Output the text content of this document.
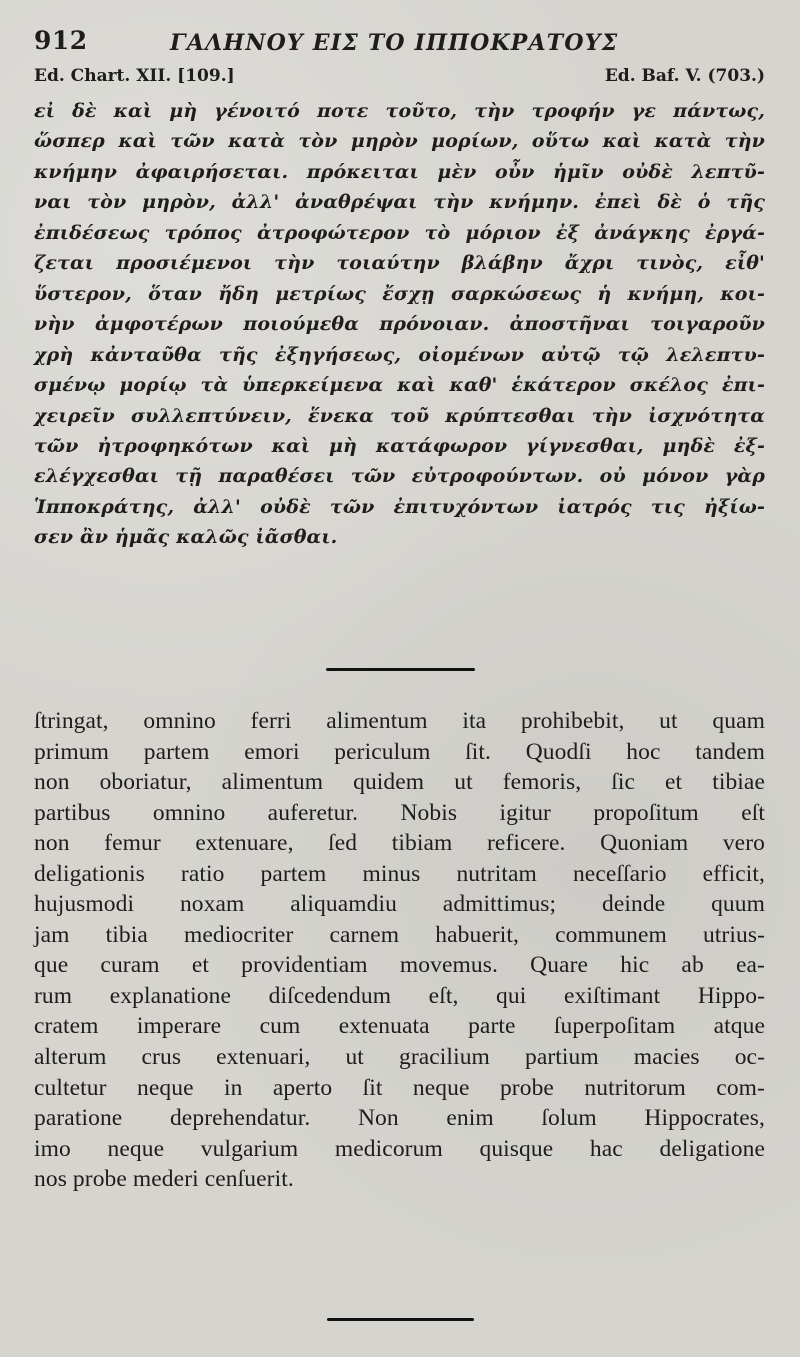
912	ΓΑΛΗΝΟΥ ΕΙΣ ΤΟ ΙΠΠΟΚΡΑΤΟΥΣ
Ed. Chart. XII. [109.]	Ed. Baf. V. (703.)
εἰ δὲ καὶ μὴ γένοιτό ποτε τοῦτο, τὴν τροφήν γε πάντως,
ὥσπερ καὶ τῶν κατὰ τὸν μηρὸν μορίων, οὕτω καὶ κατὰ τὴν
κνήμην ἀφαιρήσεται. πρόκειται μὲν οὖν ἡμῖν οὐδὲ λεπτῦ-
ναι τὸν μηρὸν, ἀλλ' ἀναθρέψαι τὴν κνήμην. ἐπεὶ δὲ ὁ τῆς
ἐπιδέσεως τρόπος ἀτροφώτερον τὸ μόριον ἐξ ἀνάγκης ἐργά-
ζεται προσιέμενοι τὴν τοιαύτην βλάβην ἄχρι τινὸς, εἶθ'
ὕστερον, ὅταν ἤδη μετρίως ἔσχῃ σαρκώσεως ἡ κνήμη, κοι-
νὴν ἀμφοτέρων ποιούμεθα πρόνοιαν. ἀποστῆναι τοιγαροῦν
χρὴ κἀνταῦθα τῆς ἐξηγήσεως, οἰομένων αὐτῷ τῷ λελεπτυ-
σμένῳ μορίῳ τὰ ὑπερκείμενα καὶ καθ' ἑκάτερον σκέλος ἐπι-
χειρεῖν συλλεπτύνειν, ἕνεκα τοῦ κρύπτεσθαι τὴν ἰσχνότητα
τῶν ἠτροφηκότων καὶ μὴ κατάφωρον γίγνεσθαι, μηδὲ ἐξ-
ελέγχεσθαι τῇ παραθέσει τῶν εὐτροφούντων. οὐ μόνον γὰρ
Ἱπποκράτης, ἀλλ' οὐδὲ τῶν ἐπιτυχόντων ἰατρός τις ἠξίω-
σεν ἂν ἡμᾶς καλῶς ἰᾶσθαι.
ſtringat, omnino ferri alimentum ita prohibebit, ut quam
primum partem emori periculum ſit. Quodſi hoc tandem
non oboriatur, alimentum quidem ut femoris, ſic et tibiae
partibus omnino auferetur. Nobis igitur propoſitum eſt
non femur extenuare, ſed tibiam reficere. Quoniam vero
deligationis ratio partem minus nutritam neceſſario efficit,
hujusmodi noxam aliquamdiu admittimus; deinde quum
jam tibia mediocriter carnem habuerit, communem utrius-
que curam et providentiam movemus. Quare hic ab ea-
rum explanatione diſcedendum eſt, qui exiſtimant Hippo-
cratem imperare cum extenuata parte ſuperpoſitam atque
alterum crus extenuari, ut gracilium partium macies oc-
cultetur neque in aperto ſit neque probe nutritorum com-
paratione deprehendatur. Non enim ſolum Hippocrates,
imo neque vulgarium medicorum quisque hac deligatione
nos probe mederi cenſuerit.
